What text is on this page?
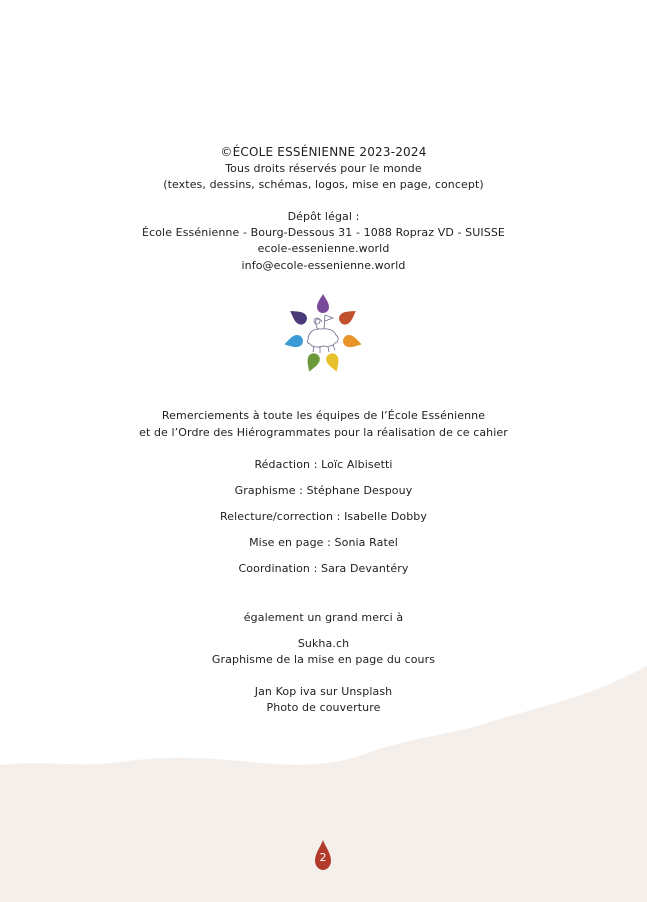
©ÉCOLE ESSÉNIENNE 2023-2024
Tous droits réservés pour le monde
(textes, dessins, schémas, logos, mise en page, concept)
Dépôt légal :
École Essénienne - Bourg-Dessous 31 - 1088 Ropraz VD - SUISSE
ecole-essenienne.world
info@ecole-essenienne.world
Remerciements à toute les équipes de l’École Essénienne
et de l’Ordre des Hiérogrammates pour la réalisation de ce cahier
Rédaction : Loïc Albisetti
Graphisme : Stéphane Despouy
Relecture/correction : Isabelle Dobby
Mise en page : Sonia Ratel
Coordination : Sara Devantéry
également un grand merci à
Sukha.ch
Graphisme de la mise en page du cours
Jan Kop iva sur Unsplash
Photo de couverture
2
